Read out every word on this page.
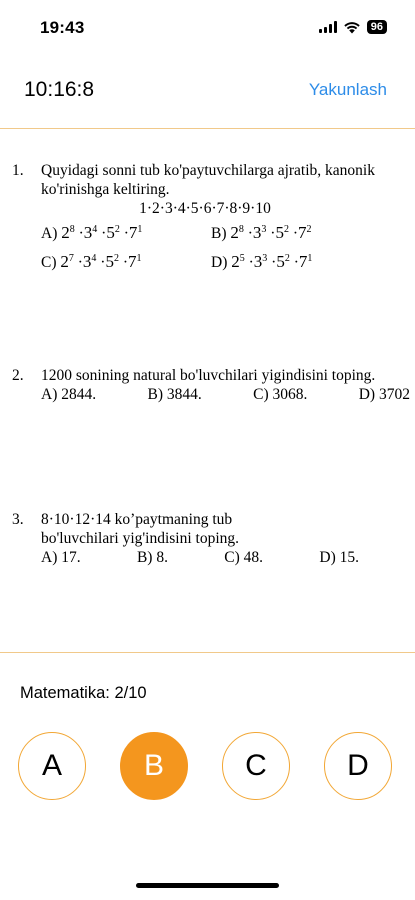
19:43	96
10:16:8	Yakunlash
1. Quyidagi sonni tub ko'paytuvchilarga ajratib, kanonik ko'rinishga keltiring.
1·2·3·4·5·6·7·8·9·10
A) $2^8 \cdot 3^4 \cdot 5^2 \cdot 7^1$	B) $2^8 \cdot 3^3 \cdot 5^2 \cdot 7^2$
C) $2^7 \cdot 3^4 \cdot 5^2 \cdot 7^1$	D) $2^5 \cdot 3^3 \cdot 5^2 \cdot 7^1$
2. 1200 sonining natural bo'luvchilari yigindisini toping.
A) 2844.	B) 3844.	C) 3068.	D) 3702
3. 8·10·12·14 ko’paytmaning tub bo'luvchilari yig'indisini toping.
A) 17.	B) 8.	C) 48.	D) 15.
Matematika: 2/10
A	B	C	D
